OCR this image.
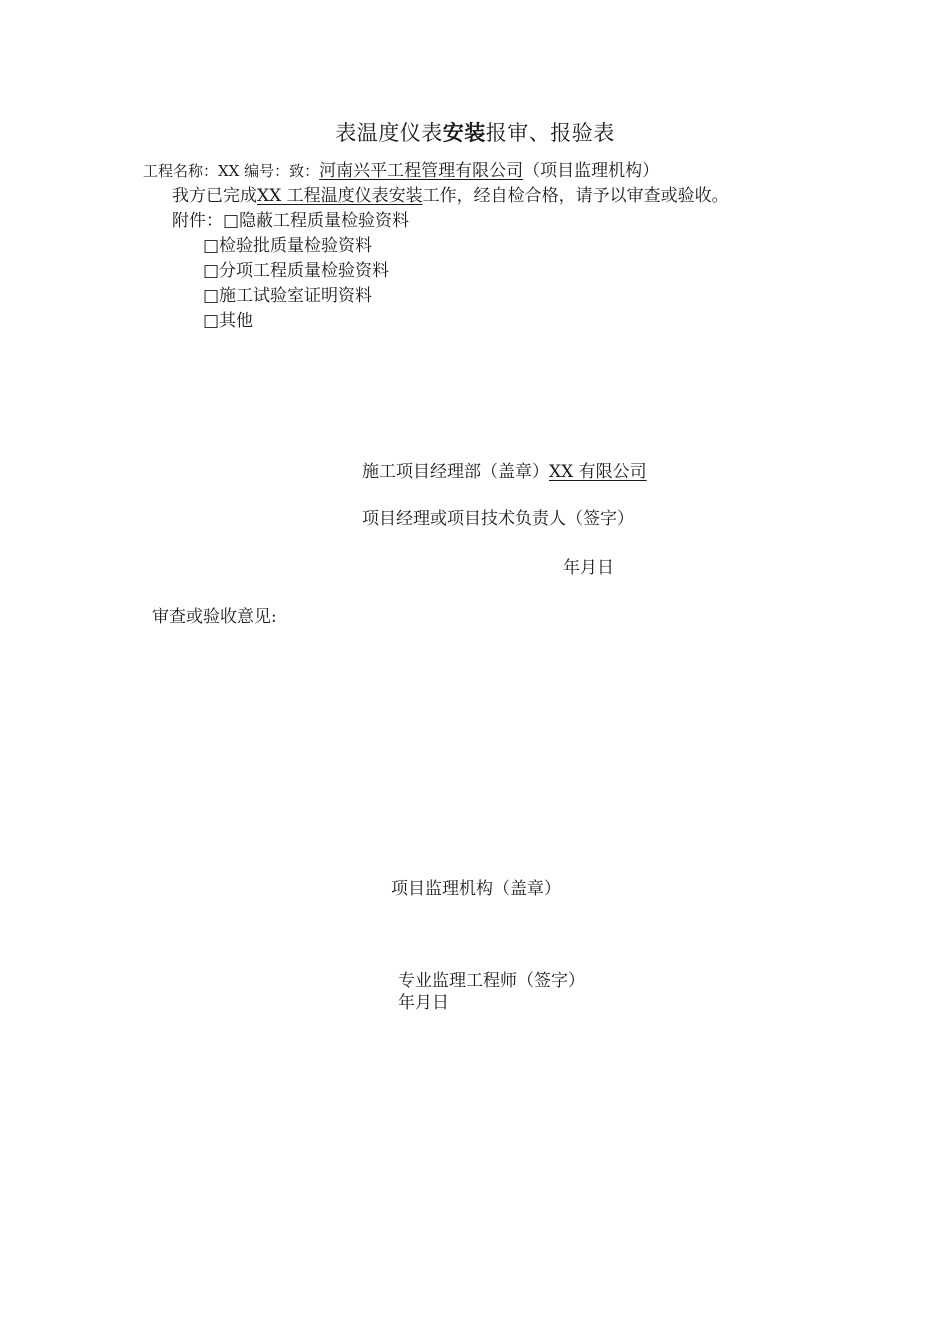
表温度仪表安装报审、报验表
工程名称：XX 编号：致：河南兴平工程管理有限公司（项目监理机构）
我方已完成XX 工程温度仪表安装工作，经自检合格，请予以审查或验收。
附件：□隐蔽工程质量检验资料
□检验批质量检验资料
□分项工程质量检验资料
□施工试验室证明资料
□其他
施工项目经理部（盖章）XX 有限公司
项目经理或项目技术负责人（签字）
年月日
审查或验收意见:
项目监理机构（盖章）
专业监理工程师（签字）
年月日
